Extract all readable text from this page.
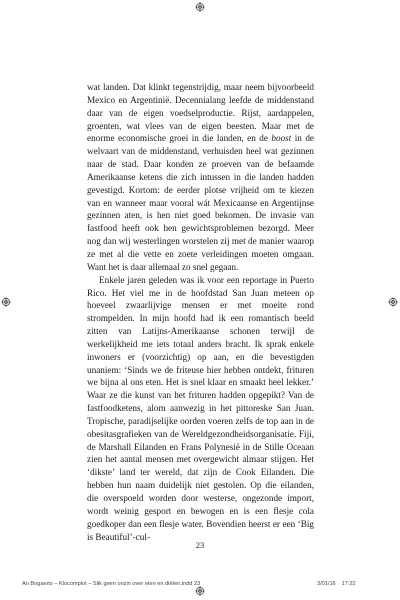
wat landen. Dat klinkt tegenstrijdig, maar neem bijvoorbeeld Mexico en Argentinië. Decennialang leefde de middenstand daar van de eigen voedselproductie. Rijst, aardappelen, groenten, wat vlees van de eigen beesten. Maar met de enorme economische groei in die landen, en de boost in de welvaart van de middenstand, verhuisden heel wat gezinnen naar de stad. Daar konden ze proeven van de befaamde Amerikaanse ketens die zich intussen in die landen hadden gevestigd. Kortom: de eerder plotse vrijheid om te kiezen van en wanneer maar vooral wát Mexicaanse en Argentijnse gezinnen aten, is hen niet goed bekomen. De invasie van fastfood heeft ook hen gewichtsproblemen bezorgd. Meer nog dan wij westerlingen worstelen zij met de manier waarop ze met al die vette en zoete verleidingen moeten omgaan. Want het is daar allemaal zo snel gegaan.

Enkele jaren geleden was ik voor een reportage in Puerto Rico. Het viel me in de hoofdstad San Juan meteen op hoeveel zwaarlijvige mensen er met moeite rond strompelden. In mijn hoofd had ik een romantisch beeld zitten van Latijns-Amerikaanse schonen terwijl de werkelijkheid me iets totaal anders bracht. Ik sprak enkele inwoners er (voorzichtig) op aan, en die bevestigden unaniem: ‘Sinds we de friteuse hier hebben ontdekt, frituren we bijna al ons eten. Het is snel klaar en smaakt heel lekker.’ Waar ze die kunst van het frituren hadden opgepikt? Van de fastfoodketens, alom aanwezig in het pittoreske San Juan. Tropische, paradijselijke oorden voeren zelfs de top aan in de obesitasgrafieken van de Wereldgezondheidsorganisatie. Fiji, de Marshall Eilanden en Frans Polynesië in de Stille Oceaan zien het aantal mensen met overgewicht almaar stijgen. Het ‘dikste’ land ter wereld, dat zijn de Cook Eilanden. Die hebben hun naam duidelijk niet gestolen. Op die eilanden, die overspoeld worden door westerse, ongezonde import, wordt weinig gesport en bewogen en is een flesje cola goedkoper dan een flesje water. Bovendien heerst er een ‘Big is Beautiful’-cul-

23
An Bogaerts – Klocomplot – Slik geen onzin over eten en diëten.indd 23	3/01/16 17:22
